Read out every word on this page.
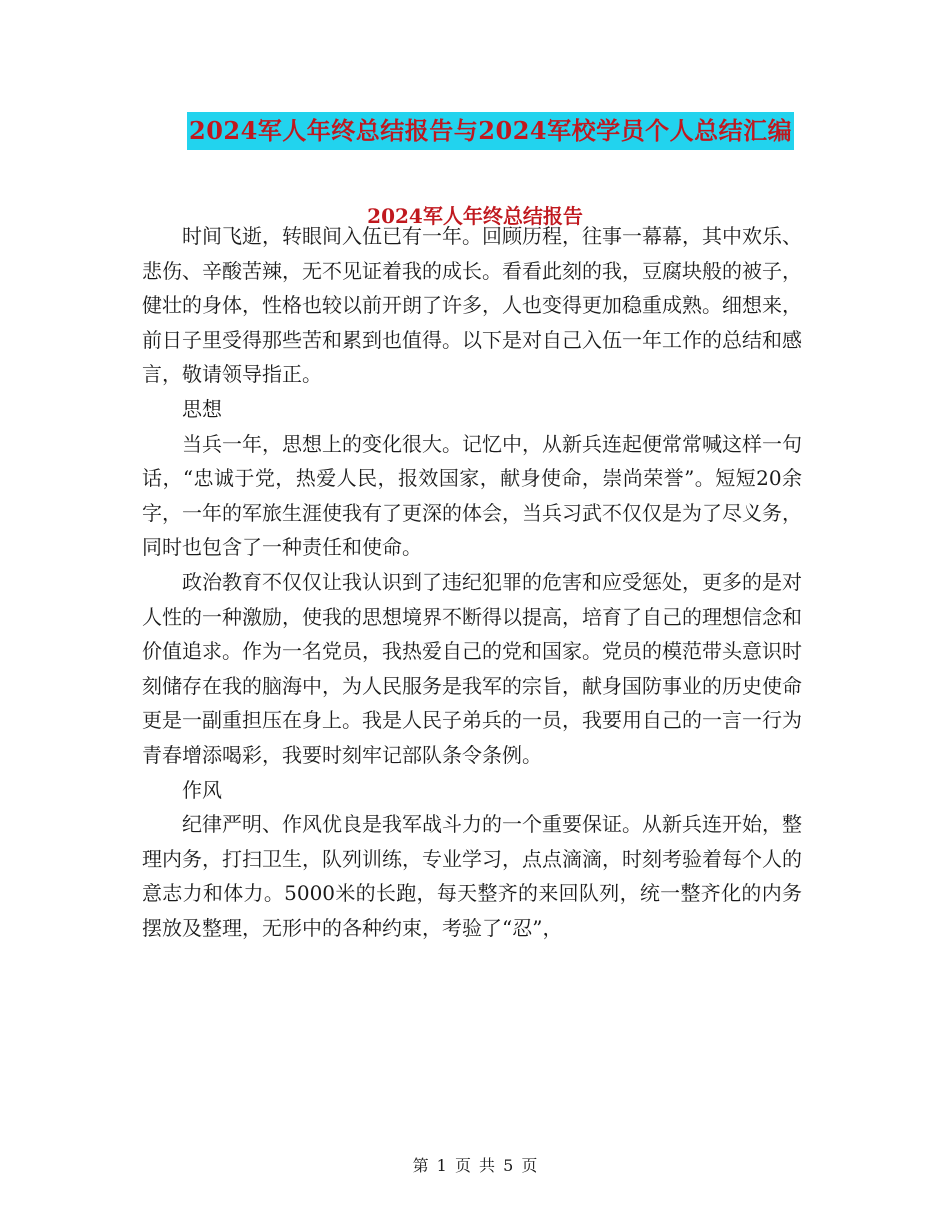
2024军人年终总结报告与2024军校学员个人总结汇编
2024军人年终总结报告

时间飞逝，转眼间入伍已有一年。回顾历程，往事一幕幕，其中欢乐、悲伤、辛酸苦辣，无不见证着我的成长。看看此刻的我，豆腐块般的被子，健壮的身体，性格也较以前开朗了许多，人也变得更加稳重成熟。细想来，前日子里受得那些苦和累到也值得。以下是对自己入伍一年工作的总结和感言，敬请领导指正。

思想

当兵一年，思想上的变化很大。记忆中，从新兵连起便常常喊这样一句话，“忠诚于党，热爱人民，报效国家，献身使命，崇尚荣誉”。短短20余字，一年的军旅生涯使我有了更深的体会，当兵习武不仅仅是为了尽义务，同时也包含了一种责任和使命。

政治教育不仅仅让我认识到了违纪犯罪的危害和应受惩处，更多的是对人性的一种激励，使我的思想境界不断得以提高，培育了自己的理想信念和价值追求。作为一名党员，我热爱自己的党和国家。党员的模范带头意识时刻储存在我的脑海中，为人民服务是我军的宗旨，献身国防事业的历史使命更是一副重担压在身上。我是人民子弟兵的一员，我要用自己的一言一行为青春增添喝彩，我要时刻牢记部队条令条例。

作风

纪律严明、作风优良是我军战斗力的一个重要保证。从新兵连开始，整理内务，打扫卫生，队列训练，专业学习，点点滴滴，时刻考验着每个人的意志力和体力。5000米的长跑，每天整齐的来回队列，统一整齐化的内务摆放及整理，无形中的各种约束，考验了“忍”，

第 1 页 共 5 页
